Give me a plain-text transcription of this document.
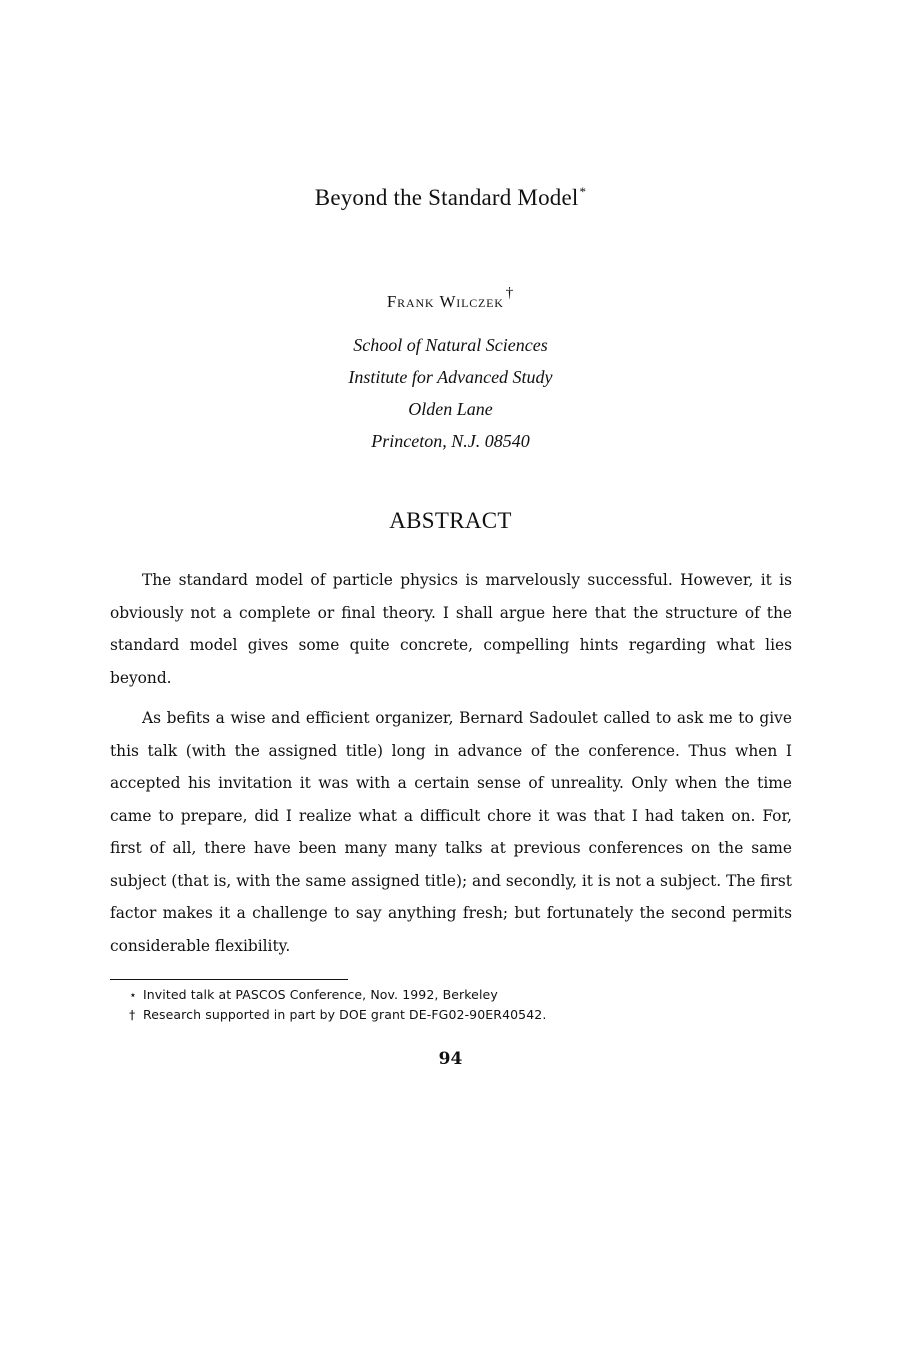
Beyond the Standard Model*
Frank Wilczek †
School of Natural Sciences
Institute for Advanced Study
Olden Lane
Princeton, N.J. 08540
ABSTRACT

The standard model of particle physics is marvelously successful. However, it is obviously not a complete or final theory. I shall argue here that the structure of the standard model gives some quite concrete, compelling hints regarding what lies beyond.

As befits a wise and efficient organizer, Bernard Sadoulet called to ask me to give this talk (with the assigned title) long in advance of the conference. Thus when I accepted his invitation it was with a certain sense of unreality. Only when the time came to prepare, did I realize what a difficult chore it was that I had taken on. For, first of all, there have been many many talks at previous conferences on the same subject (that is, with the same assigned title); and secondly, it is not a subject. The first factor makes it a challenge to say anything fresh; but fortunately the second permits considerable flexibility.

⋆ Invited talk at PASCOS Conference, Nov. 1992, Berkeley
† Research supported in part by DOE grant DE-FG02-90ER40542.
94
